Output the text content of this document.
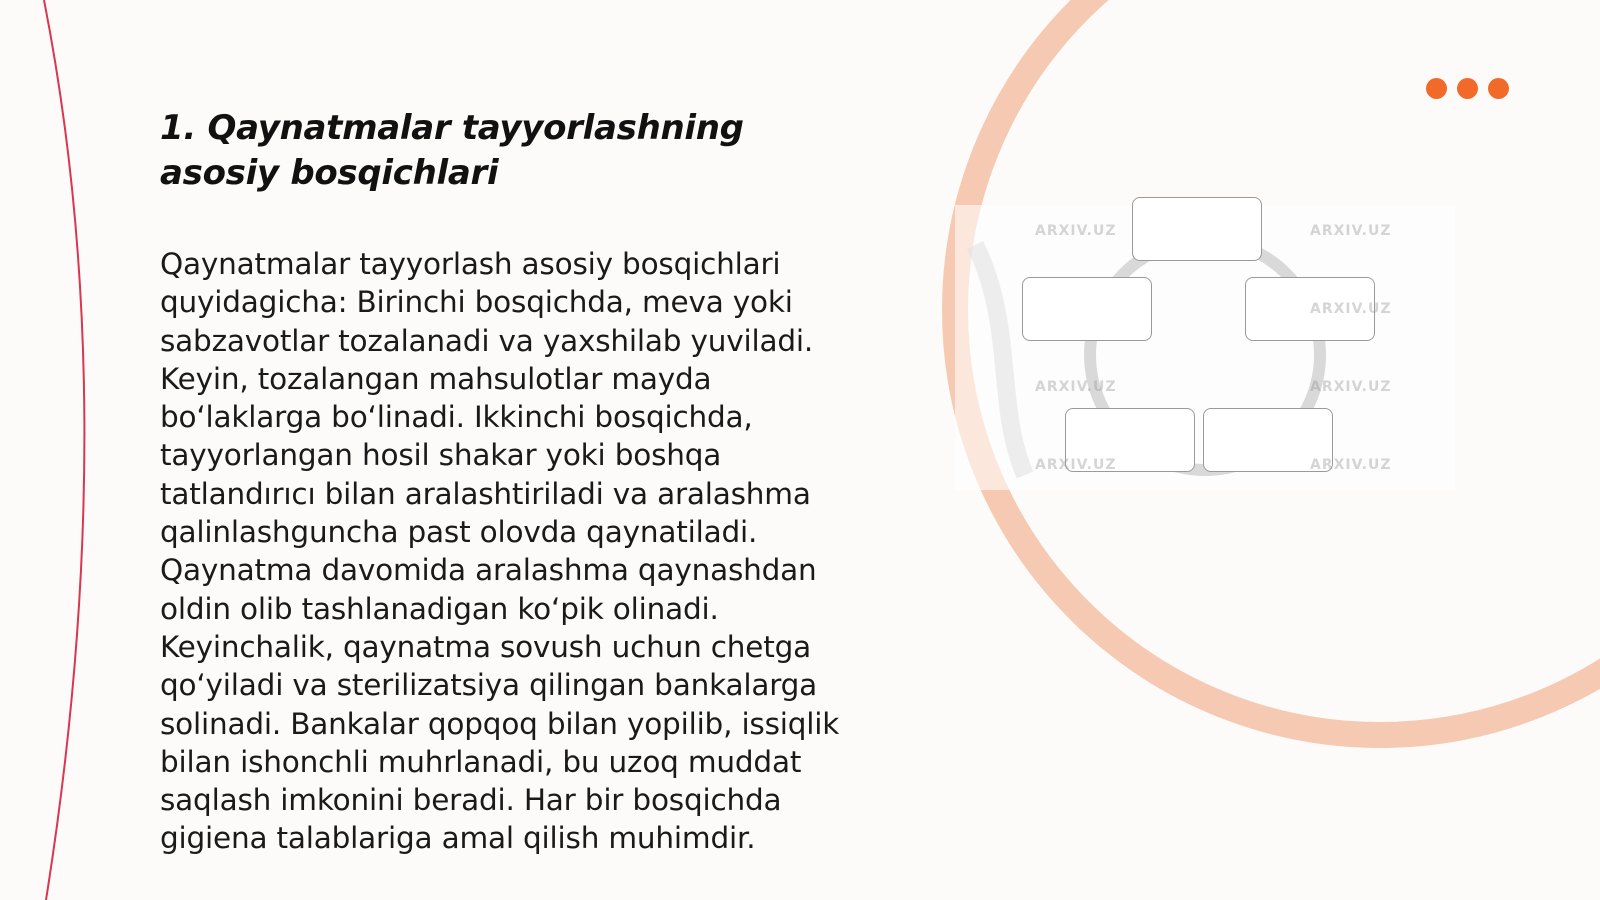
1. Qaynatmalar tayyorlashning asosiy bosqichlari

Qaynatmalar tayyorlash asosiy bosqichlari quyidagicha: Birinchi bosqichda, meva yoki sabzavotlar tozalanadi va yaxshilab yuviladi. Keyin, tozalangan mahsulotlar mayda bo‘laklarga bo‘linadi. Ikkinchi bosqichda, tayyorlangan hosil shakar yoki boshqa tatlandırıcı bilan aralashtiriladi va aralashma qalinlashguncha past olovda qaynatiladi. Qaynatma davomida aralashma qaynashdan oldin olib tashlanadigan ko‘pik olinadi. Keyinchalik, qaynatma sovush uchun chetga qo‘yiladi va sterilizatsiya qilingan bankalarga solinadi. Bankalar qopqoq bilan yopilib, issiqlik bilan ishonchli muhrlanadi, bu uzoq muddat saqlash imkonini beradi. Har bir bosqichda gigiena talablariga amal qilish muhimdir.

ARXIV.UZ	ARXIV.UZ
ARXIV.UZ
ARXIV.UZ	ARXIV.UZ
ARXIV.UZ	ARXIV.UZ
